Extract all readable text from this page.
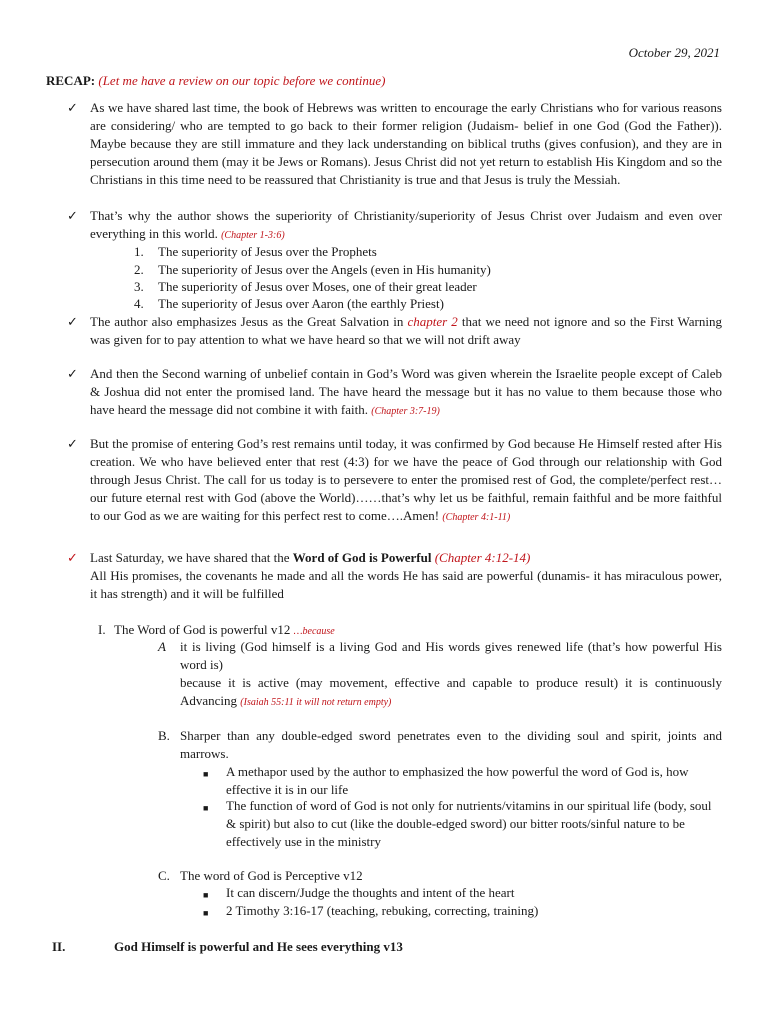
October 29, 2021
RECAP: (Let me have a review on our topic before we continue)
✓ As we have shared last time, the book of Hebrews was written to encourage the early Christians who for various reasons are considering/ who are tempted to go back to their former religion (Judaism- belief in one God (God the Father)). Maybe because they are still immature and they lack understanding on biblical truths (gives confusion), and they are in persecution around them (may it be Jews or Romans). Jesus Christ did not yet return to establish His Kingdom and so the Christians in this time need to be reassured that Christianity is true and that Jesus is truly the Messiah.
✓ That’s why the author shows the superiority of Christianity/superiority of Jesus Christ over Judaism and even over everything in this world. (Chapter 1-3:6)
1. The superiority of Jesus over the Prophets
2. The superiority of Jesus over the Angels (even in His humanity)
3. The superiority of Jesus over Moses, one of their great leader
4. The superiority of Jesus over Aaron (the earthly Priest)
✓ The author also emphasizes Jesus as the Great Salvation in chapter 2 that we need not ignore and so the First Warning was given for to pay attention to what we have heard so that we will not drift away
✓ And then the Second warning of unbelief contain in God’s Word was given wherein the Israelite people except of Caleb & Joshua did not enter the promised land. The have heard the message but it has no value to them because those who have heard the message did not combine it with faith. (Chapter 3:7-19)
✓ But the promise of entering God’s rest remains until today, it was confirmed by God because He Himself rested after His creation. We who have believed enter that rest (4:3) for we have the peace of God through our relationship with God through Jesus Christ. The call for us today is to persevere to enter the promised rest of God, the complete/perfect rest…our future eternal rest with God (above the World)……that’s why let us be faithful, remain faithful and be more faithful to our God as we are waiting for this perfect rest to come….Amen! (Chapter 4:1-11)
✓ Last Saturday, we have shared that the Word of God is Powerful (Chapter 4:12-14)
All His promises, the covenants he made and all the words He has said are powerful (dunamis- it has miraculous power, it has strength) and it will be fulfilled
I. The Word of God is powerful v12 …because
A it is living (God himself is a living God and His words gives renewed life (that’s how powerful His word is)
because it is active (may movement, effective and capable to produce result) it is continuously Advancing (Isaiah 55:11 it will not return empty)
B. Sharper than any double-edged sword penetrates even to the dividing soul and spirit, joints and marrows.
■ A methapor used by the author to emphasized the how powerful the word of God is, how effective it is in our life
■ The function of word of God is not only for nutrients/vitamins in our spiritual life (body, soul & spirit) but also to cut (like the double-edged sword) our bitter roots/sinful nature to be effectively use in the ministry
C. The word of God is Perceptive v12
■ It can discern/Judge the thoughts and intent of the heart
■ 2 Timothy 3:16-17 (teaching, rebuking, correcting, training)
II.	God Himself is powerful and He sees everything v13
